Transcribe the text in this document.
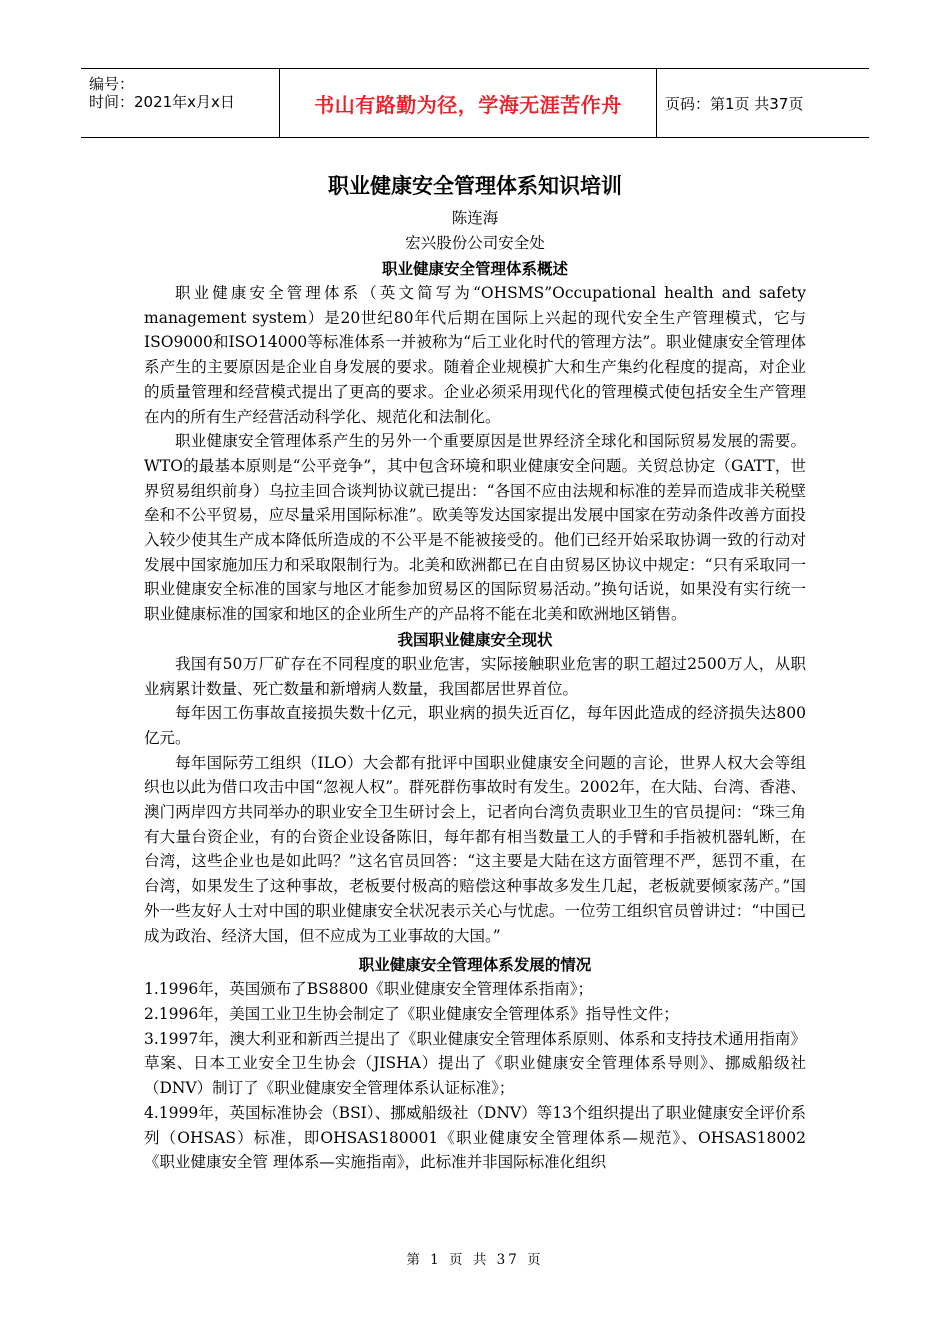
编号：
时间：2021年x月x日	书山有路勤为径，学海无涯苦作舟	页码：第1页 共37页
职业健康安全管理体系知识培训
陈连海
宏兴股份公司安全处
职业健康安全管理体系概述

职业健康安全管理体系（英文简写为“OHSMS”Occupational health and safety management system）是20世纪80年代后期在国际上兴起的现代安全生产管理模式，它与ISO9000和ISO14000等标准体系一并被称为“后工业化时代的管理方法”。职业健康安全管理体系产生的主要原因是企业自身发展的要求。随着企业规模扩大和生产集约化程度的提高，对企业的质量管理和经营模式提出了更高的要求。企业必须采用现代化的管理模式使包括安全生产管理在内的所有生产经营活动科学化、规范化和法制化。

职业健康安全管理体系产生的另外一个重要原因是世界经济全球化和国际贸易发展的需要。WTO的最基本原则是“公平竞争”，其中包含环境和职业健康安全问题。关贸总协定（GATT，世界贸易组织前身）乌拉圭回合谈判协议就已提出：“各国不应由法规和标准的差异而造成非关税壁垒和不公平贸易，应尽量采用国际标准”。欧美等发达国家提出发展中国家在劳动条件改善方面投入较少使其生产成本降低所造成的不公平是不能被接受的。他们已经开始采取协调一致的行动对发展中国家施加压力和采取限制行为。北美和欧洲都已在自由贸易区协议中规定：“只有采取同一职业健康安全标准的国家与地区才能参加贸易区的国际贸易活动。”换句话说，如果没有实行统一职业健康标准的国家和地区的企业所生产的产品将不能在北美和欧洲地区销售。

我国职业健康安全现状

我国有50万厂矿存在不同程度的职业危害，实际接触职业危害的职工超过2500万人，从职业病累计数量、死亡数量和新增病人数量，我国都居世界首位。

每年因工伤事故直接损失数十亿元，职业病的损失近百亿，每年因此造成的经济损失达800亿元。

每年国际劳工组织（ILO）大会都有批评中国职业健康安全问题的言论，世界人权大会等组织也以此为借口攻击中国“忽视人权”。群死群伤事故时有发生。2002年，在大陆、台湾、香港、澳门两岸四方共同举办的职业安全卫生研讨会上，记者向台湾负责职业卫生的官员提问：“珠三角有大量台资企业，有的台资企业设备陈旧，每年都有相当数量工人的手臂和手指被机器轧断，在台湾，这些企业也是如此吗？”这名官员回答：“这主要是大陆在这方面管理不严，惩罚不重，在台湾，如果发生了这种事故，老板要付极高的赔偿这种事故多发生几起，老板就要倾家荡产。”国外一些友好人士对中国的职业健康安全状况表示关心与忧虑。一位劳工组织官员曾讲过：“中国已成为政治、经济大国，但不应成为工业事故的大国。”

职业健康安全管理体系发展的情况

1.1996年，英国颁布了BS8800《职业健康安全管理体系指南》；

2.1996年，美国工业卫生协会制定了《职业健康安全管理体系》指导性文件；

3.1997年，澳大利亚和新西兰提出了《职业健康安全管理体系原则、体系和支持技术通用指南》草案、日本工业安全卫生协会（JISHA）提出了《职业健康安全管理体系导则》、挪威船级社（DNV）制订了《职业健康安全管理体系认证标准》；

4.1999年，英国标准协会（BSI）、挪威船级社（DNV）等13个组织提出了职业健康安全评价系列（OHSAS）标准，即OHSAS180001《职业健康安全管理体系—规范》、OHSAS18002《职业健康安全管 理体系—实施指南》，此标准并非国际标准化组织

第 1 页 共 37 页
